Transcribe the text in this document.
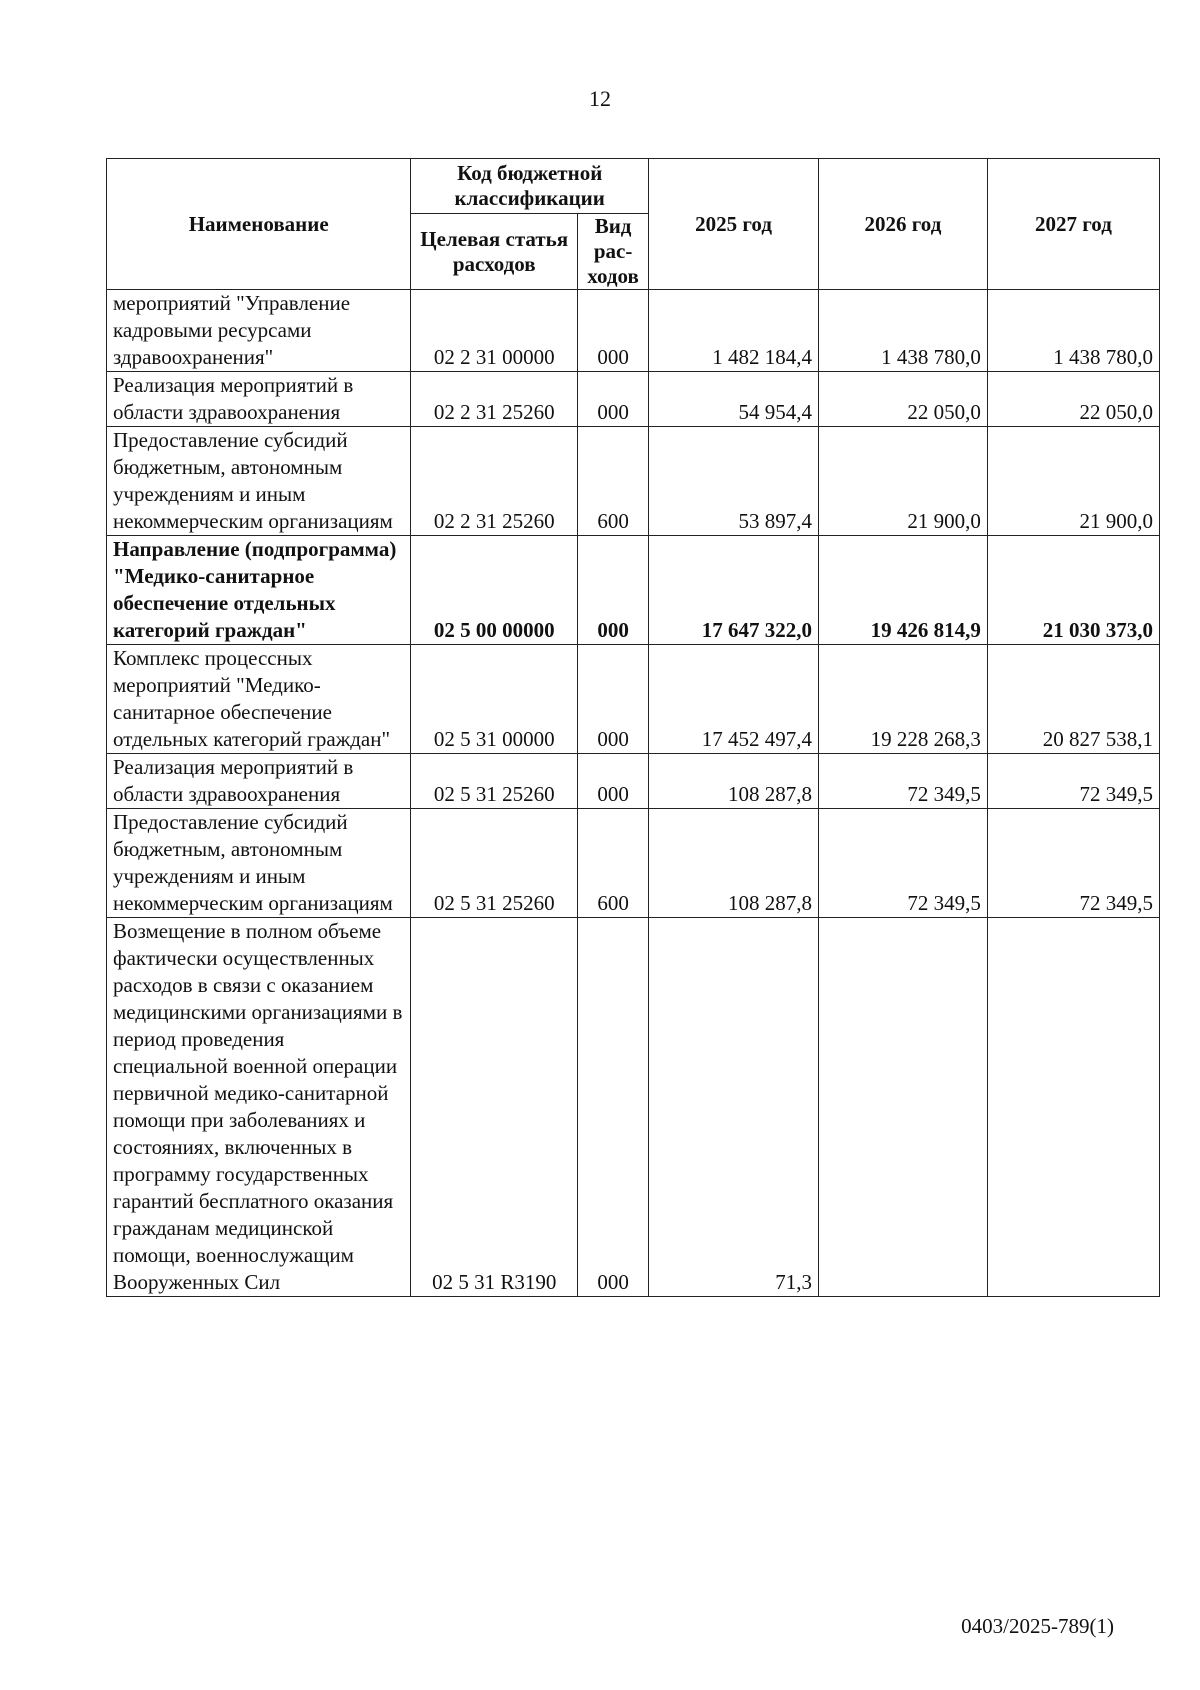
12
Наименование	Код бюджетной классификации		2025 год	2026 год	2027 год
	Целевая статья расходов	Вид рас-ходов			
мероприятий "Управление кадровыми ресурсами здравоохранения"	02 2 31 00000	000	1 482 184,4	1 438 780,0	1 438 780,0
Реализация мероприятий в области здравоохранения	02 2 31 25260	000	54 954,4	22 050,0	22 050,0
Предоставление субсидий бюджетным, автономным учреждениям и иным некоммерческим организациям	02 2 31 25260	600	53 897,4	21 900,0	21 900,0
Направление (подпрограмма) "Медико-санитарное обеспечение отдельных категорий граждан"	02 5 00 00000	000	17 647 322,0	19 426 814,9	21 030 373,0
Комплекс процессных мероприятий "Медико-санитарное обеспечение отдельных категорий граждан"	02 5 31 00000	000	17 452 497,4	19 228 268,3	20 827 538,1
Реализация мероприятий в области здравоохранения	02 5 31 25260	000	108 287,8	72 349,5	72 349,5
Предоставление субсидий бюджетным, автономным учреждениям и иным некоммерческим организациям	02 5 31 25260	600	108 287,8	72 349,5	72 349,5
Возмещение в полном объеме фактически осуществленных расходов в связи с оказанием медицинскими организациями в период проведения специальной военной операции первичной медико-санитарной помощи при заболеваниях и состояниях, включенных в программу государственных гарантий бесплатного оказания гражданам медицинской помощи, военнослужащим Вооруженных Сил	02 5 31 R3190	000	71,3		
0403/2025-789(1)
